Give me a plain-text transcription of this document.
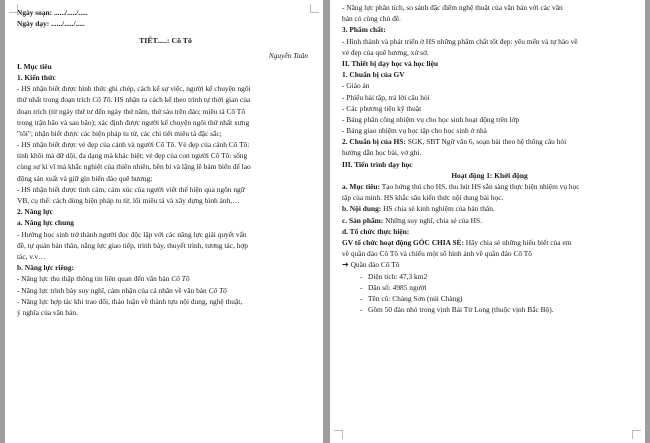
Ngày soạn: ....../...../.....
Ngày dạy: ....../...../.....
TIẾT.....: Cô Tô
Nguyễn Tuân
I. Mục tiêu
1. Kiến thức
- HS nhận biết được hình thức ghi chép, cách kể sự việc, người kể chuyện ngôi
thứ nhất trong đoạn trích Cô Tô. HS nhận ra cách kể theo trình tự thời gian của
đoạn trích (từ ngày thứ tư đến ngày thứ năm, thứ sáu trên đảo; miêu tả Cô Tô
trong trận bão và sau bão); xác định được người kể chuyện ngôi thứ nhất xưng
"tôi"; nhận biết được các biện pháp tu từ, các chi tiết miêu tả đặc sắc;
- HS nhận biết được vẻ đẹp của cảnh và người Cô Tô. Vẻ đẹp của cảnh Cô Tô:
tinh khôi mà dữ dội, đa dạng mà khác biệt; vẻ đẹp của con người Cô Tô: sống
cùng sự kì vĩ mà khắc nghiệt của thiên nhiên, bền bỉ và lặng lẽ bám biển để lao
động sản xuất và giữ gìn biển đảo quê hương;
- HS nhận biết được tình cảm, cảm xúc của người viết thể hiện qua ngôn ngữ
VB, cụ thể: cách dùng biện pháp tu từ, lối miêu tả và xây dựng hình ảnh,…
2. Năng lực
a. Năng lực chung
- Hướng học sinh trở thành người đọc độc lập với các năng lực giải quyết vấn
đề, tự quản bản thân, năng lực giao tiếp, trình bày, thuyết trình, tương tác, hợp
tác, v.v…
b. Năng lực riêng:
- Năng lực thu thập thông tin liên quan đến văn bản Cô Tô
- Năng lực trình bày suy nghĩ, cảm nhận của cá nhân về văn bản Cô Tô
- Năng lực hợp tác khi trao đổi, thảo luận về thành tựu nội dung, nghệ thuật,
ý nghĩa của văn bản.
- Năng lực phân tích, so sánh đặc điểm nghệ thuật của văn bản với các văn
bản có cùng chủ đề.
3. Phẩm chất:
- Hình thành và phát triển ở HS những phẩm chất tốt đẹp: yêu mến và tự hào về
vẻ đẹp của quê hương, xứ sở.
II. Thiết bị dạy học và học liệu
1. Chuẩn bị của GV
- Giáo án
- Phiếu bài tập, trả lời câu hỏi
- Các phương tiện kỹ thuật
- Bảng phân công nhiệm vụ cho học sinh hoạt động trên lớp
- Bảng giao nhiệm vụ học tập cho học sinh ở nhà
2. Chuẩn bị của HS: SGK, SBT Ngữ văn 6, soạn bài theo hệ thống câu hỏi
hướng dẫn học bài, vở ghi.
III. Tiến trình dạy học
Hoạt động 1: Khởi động
a. Mục tiêu: Tạo hứng thú cho HS, thu hút HS sẵn sàng thực hiện nhiệm vụ học
tập của mình. HS khắc sâu kiến thức nội dung bài học.
b. Nội dung: HS chia sẻ kinh nghiệm của bản thân.
c. Sản phẩm: Những suy nghĩ, chia sẻ của HS.
d. Tổ chức thực hiện:
GV tổ chức hoạt động GÓC CHIA SẺ: Hãy chia sẻ những hiểu biết của em
về quần đảo Cô Tô và chiếu một số hình ảnh về quần đảo Cô Tô
➔ Quần đảo Cô Tô
-   Diện tích: 47,3 km2
-   Dân số: 4985 người
-   Tên cũ: Chàng Sơn (núi Chàng)
-   Gồm 50 đảo nhỏ trong vịnh Bái Tử Long (thuộc vịnh Bắc Bộ).
